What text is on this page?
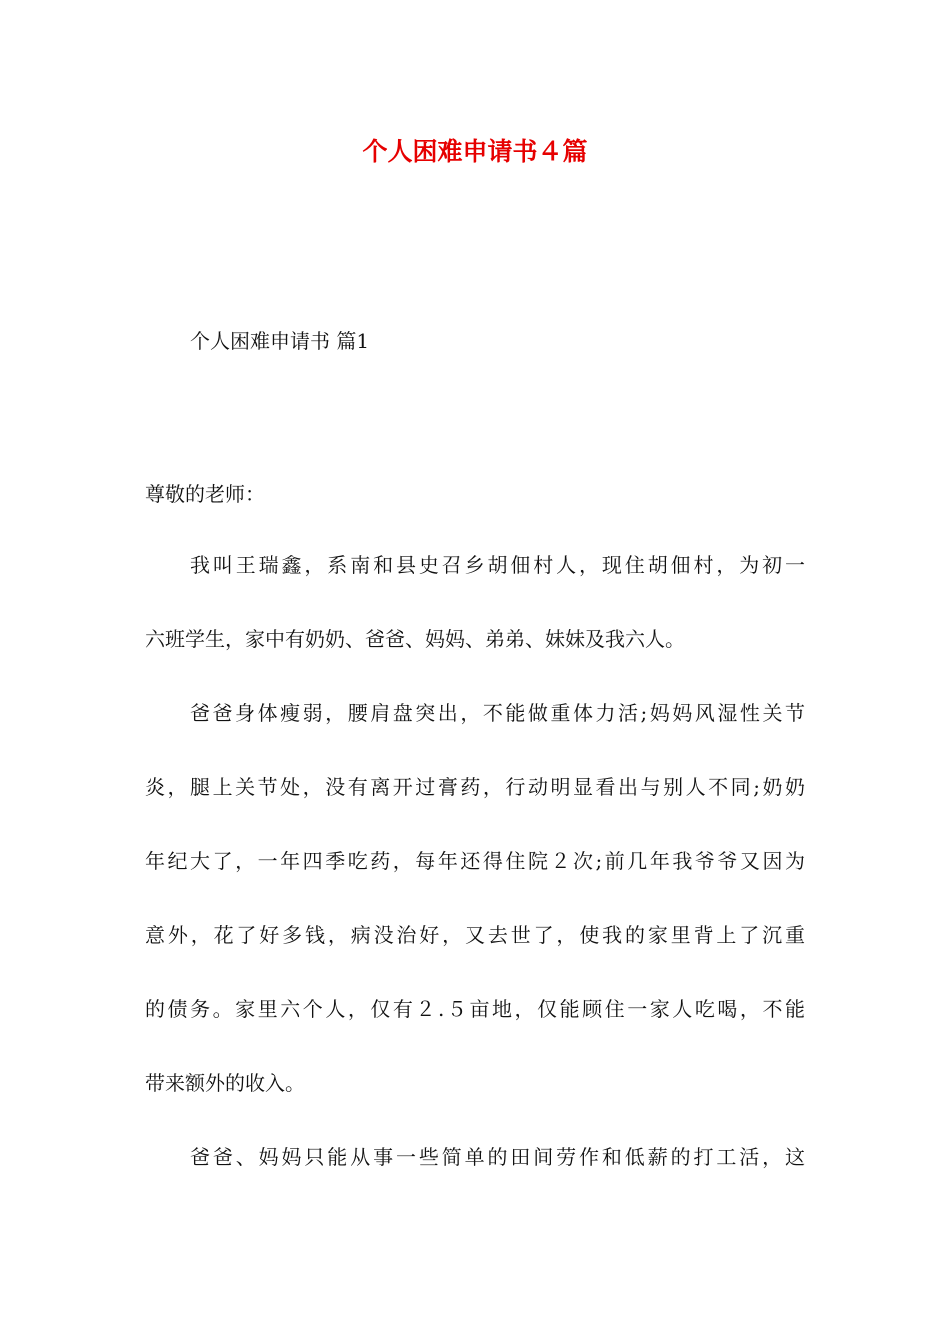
个人困难申请书４篇
个人困难申请书 篇1
尊敬的老师：
我叫王瑞鑫，系南和县史召乡胡佃村人，现住胡佃村，为初一
六班学生，家中有奶奶、爸爸、妈妈、弟弟、妹妹及我六人。
爸爸身体瘦弱，腰肩盘突出，不能做重体力活;妈妈风湿性关节
炎，腿上关节处，没有离开过膏药，行动明显看出与别人不同;奶奶
年纪大了，一年四季吃药，每年还得住院２次;前几年我爷爷又因为
意外，花了好多钱，病没治好，又去世了，使我的家里背上了沉重
的债务。家里六个人，仅有２.５亩地，仅能顾住一家人吃喝，不能
带来额外的收入。
爸爸、妈妈只能从事一些简单的田间劳作和低薪的打工活，这
